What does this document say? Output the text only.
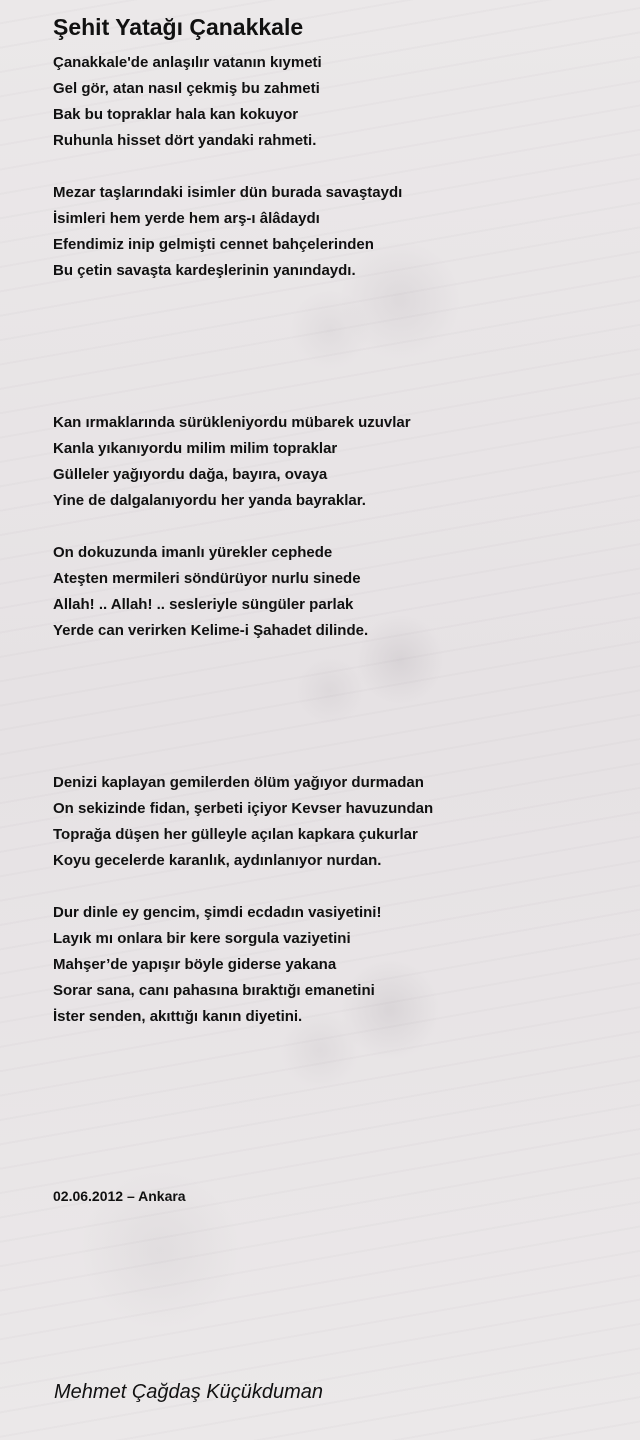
Şehit Yatağı Çanakkale

Çanakkale'de anlaşılır vatanın kıymeti
Gel gör, atan nasıl çekmiş bu zahmeti
Bak bu topraklar hala kan kokuyor
Ruhunla hisset dört yandaki rahmeti.

Mezar taşlarındaki isimler dün burada savaştaydı
İsimleri hem yerde hem arş-ı âlâdaydı
Efendimiz inip gelmişti cennet bahçelerinden
Bu çetin savaşta kardeşlerinin yanındaydı.

Kan ırmaklarında sürükleniyordu mübarek uzuvlar
Kanla yıkanıyordu milim milim topraklar
Gülleler yağıyordu dağa, bayıra, ovaya
Yine de dalgalanıyordu her yanda bayraklar.

On dokuzunda imanlı yürekler cephede
Ateşten mermileri söndürüyor nurlu sinede
Allah! .. Allah! .. sesleriyle süngüler parlak
Yerde can verirken Kelime-i Şahadet dilinde.

Denizi kaplayan gemilerden ölüm yağıyor durmadan
On sekizinde fidan, şerbeti içiyor Kevser havuzundan
Toprağa düşen her gülleyle açılan kapkara çukurlar
Koyu gecelerde karanlık, aydınlanıyor nurdan.

Dur dinle ey gencim, şimdi ecdadın vasiyetini!
Layık mı onlara bir kere sorgula vaziyetini
Mahşer’de yapışır böyle giderse yakana
Sorar sana, canı pahasına bıraktığı emanetini
İster senden, akıttığı kanın diyetini.

02.06.2012 – Ankara
Mehmet Çağdaş Küçükduman
